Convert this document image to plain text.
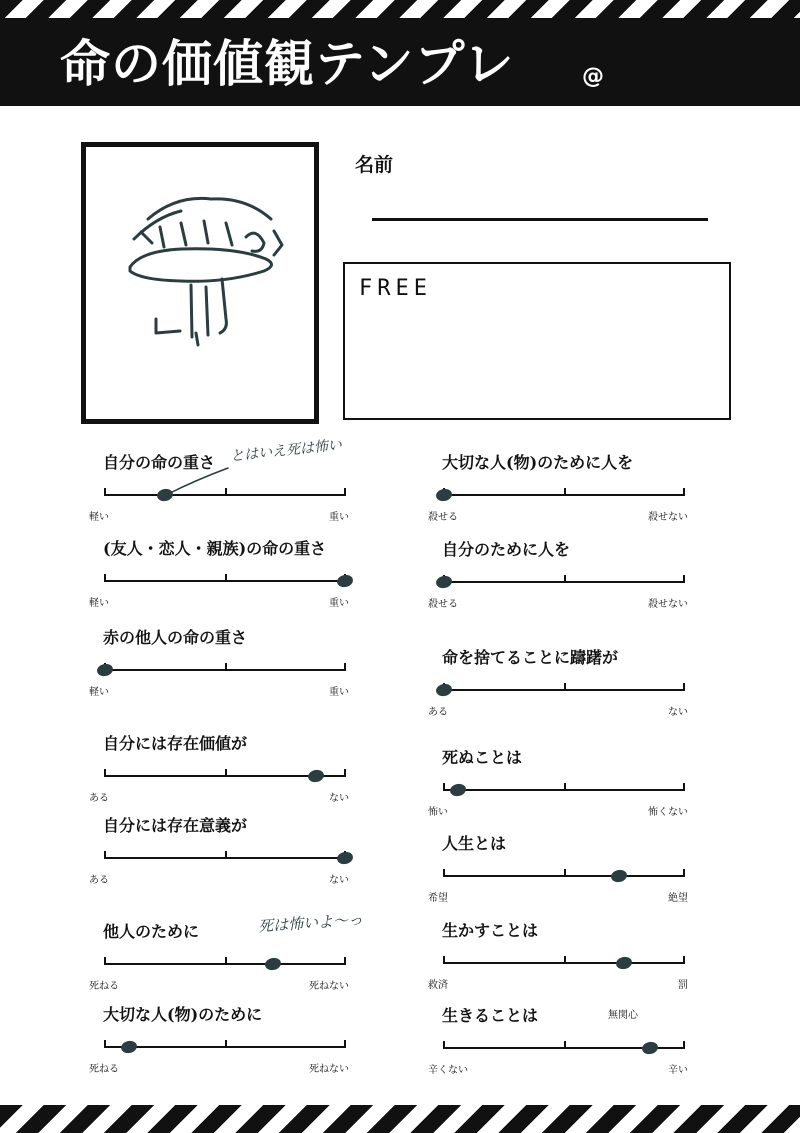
命の価値観テンプレ	@
名前
FREE
自分の命の重さ
軽い	重い
(友人・恋人・親族)の命の重さ
軽い	重い
赤の他人の命の重さ
軽い	重い
自分には存在価値が
ある	ない
自分には存在意義が
ある	ない
他人のために
死ねる	死ねない
大切な人(物)のために
死ねる	死ねない
大切な人(物)のために人を
殺せる	殺せない
自分のために人を
殺せる	殺せない
命を捨てることに躊躇が
ある	ない
死ぬことは
怖い	怖くない
人生とは
希望	絶望
生かすことは
救済	罰
生きることは
辛くない	辛い
とはいえ死は怖い
死は怖いよ〜っ
無関心
